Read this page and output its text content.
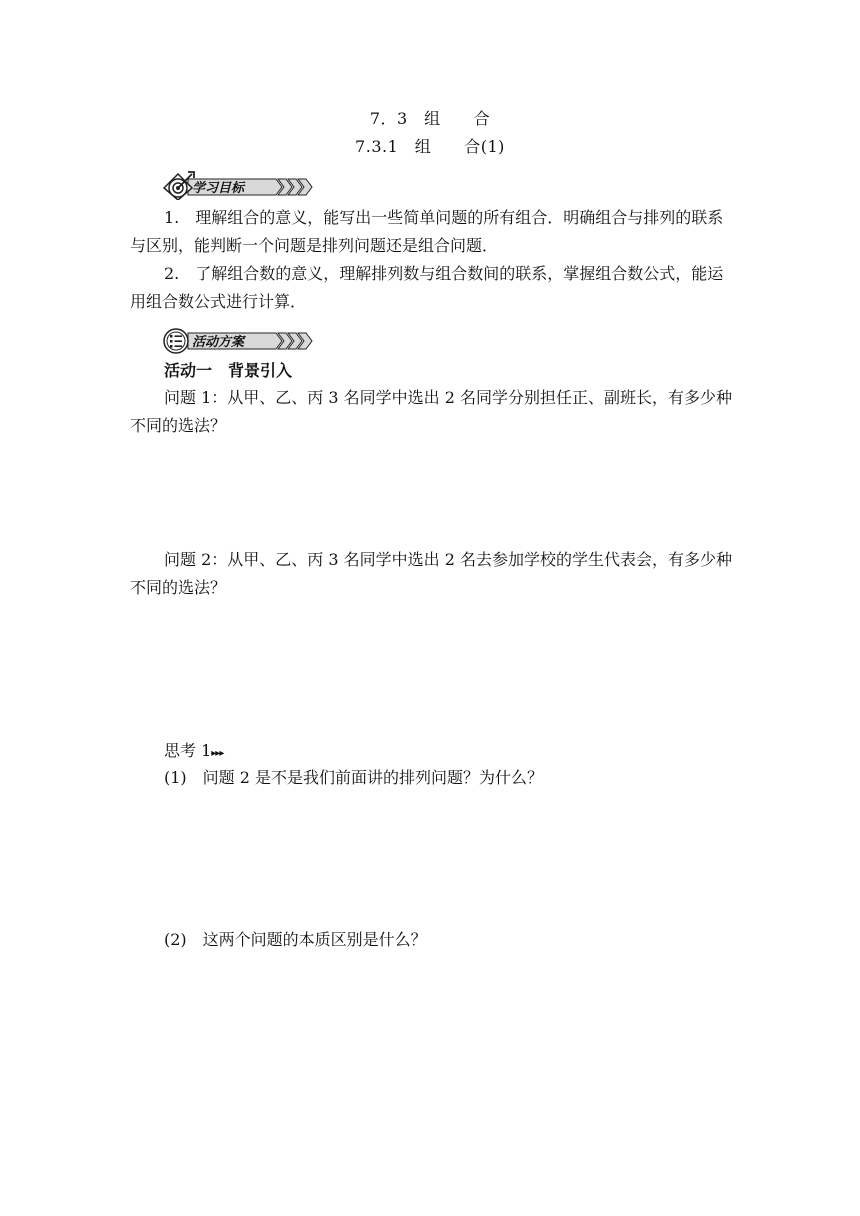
7．3　组　　合
7.3.1　组　　合(1)
学习目标
1.　理解组合的意义，能写出一些简单问题的所有组合．明确组合与排列的联系与区别，能判断一个问题是排列问题还是组合问题．
2.　了解组合数的意义，理解排列数与组合数间的联系，掌握组合数公式，能运用组合数公式进行计算．
活动方案
活动一　背景引入
问题 1：从甲、乙、丙 3 名同学中选出 2 名同学分别担任正、副班长，有多少种不同的选法？
问题 2：从甲、乙、丙 3 名同学中选出 2 名去参加学校的学生代表会，有多少种不同的选法？
思考 1▸▸▸
(1)　问题 2 是不是我们前面讲的排列问题？为什么？
(2)　这两个问题的本质区别是什么？
